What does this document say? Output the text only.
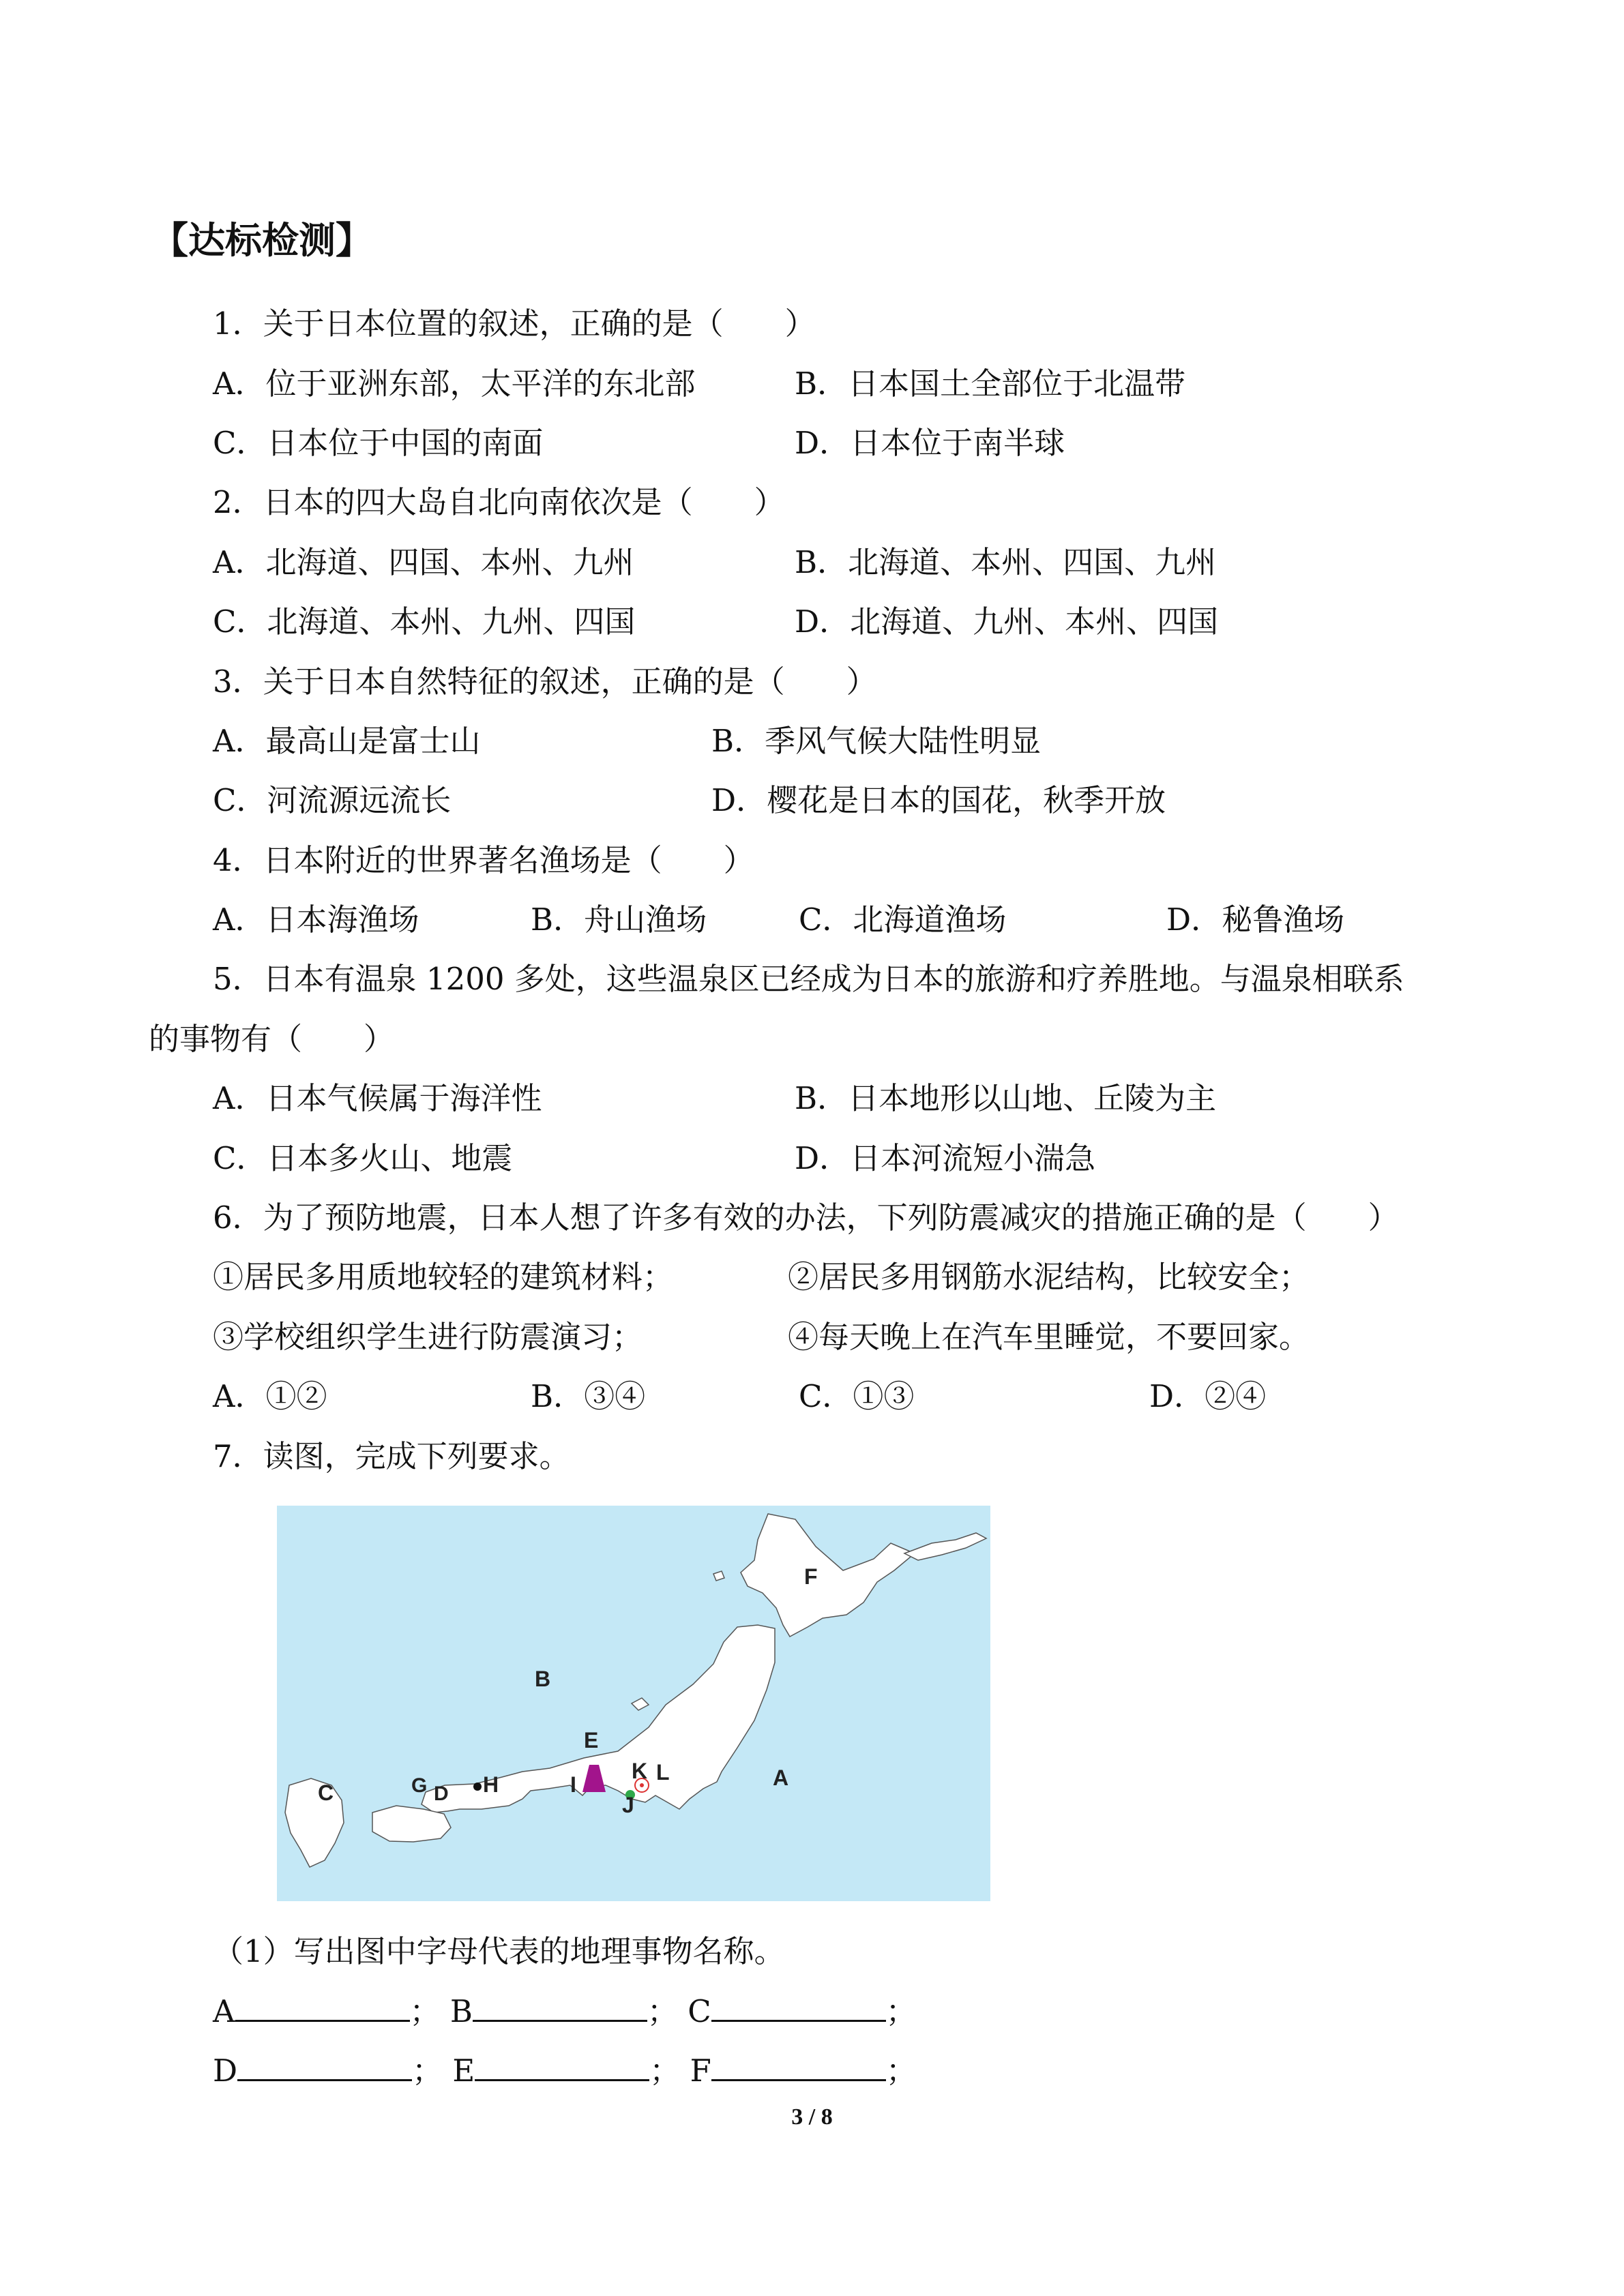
【达标检测】
1．关于日本位置的叙述，正确的是（　　）
A．位于亚洲东部，太平洋的东北部	B．日本国土全部位于北温带
C．日本位于中国的南面	D．日本位于南半球
2．日本的四大岛自北向南依次是（　　）
A．北海道、四国、本州、九州	B．北海道、本州、四国、九州
C．北海道、本州、九州、四国	D．北海道、九州、本州、四国
3．关于日本自然特征的叙述，正确的是（　　）
A．最高山是富士山	B．季风气候大陆性明显
C．河流源远流长	D．樱花是日本的国花，秋季开放
4．日本附近的世界著名渔场是（　　）
A．日本海渔场	B．舟山渔场	C．北海道渔场	D．秘鲁渔场
5．日本有温泉 1200 多处，这些温泉区已经成为日本的旅游和疗养胜地。与温泉相联系
的事物有（　　）
A．日本气候属于海洋性	B．日本地形以山地、丘陵为主
C．日本多火山、地震	D．日本河流短小湍急
6．为了预防地震，日本人想了许多有效的办法，下列防震减灾的措施正确的是（　　）
①居民多用质地较轻的建筑材料；	②居民多用钢筋水泥结构，比较安全；
③学校组织学生进行防震演习；	④每天晚上在汽车里睡觉，不要回家。
A．①②	B．③④	C．①③	D．②④
7．读图，完成下列要求。
F
B
E
K L
I
J
A
C	G D H
（1）写出图中字母代表的地理事物名称。
A	； B	； C	；
D	； E	； F	；
3 / 8
